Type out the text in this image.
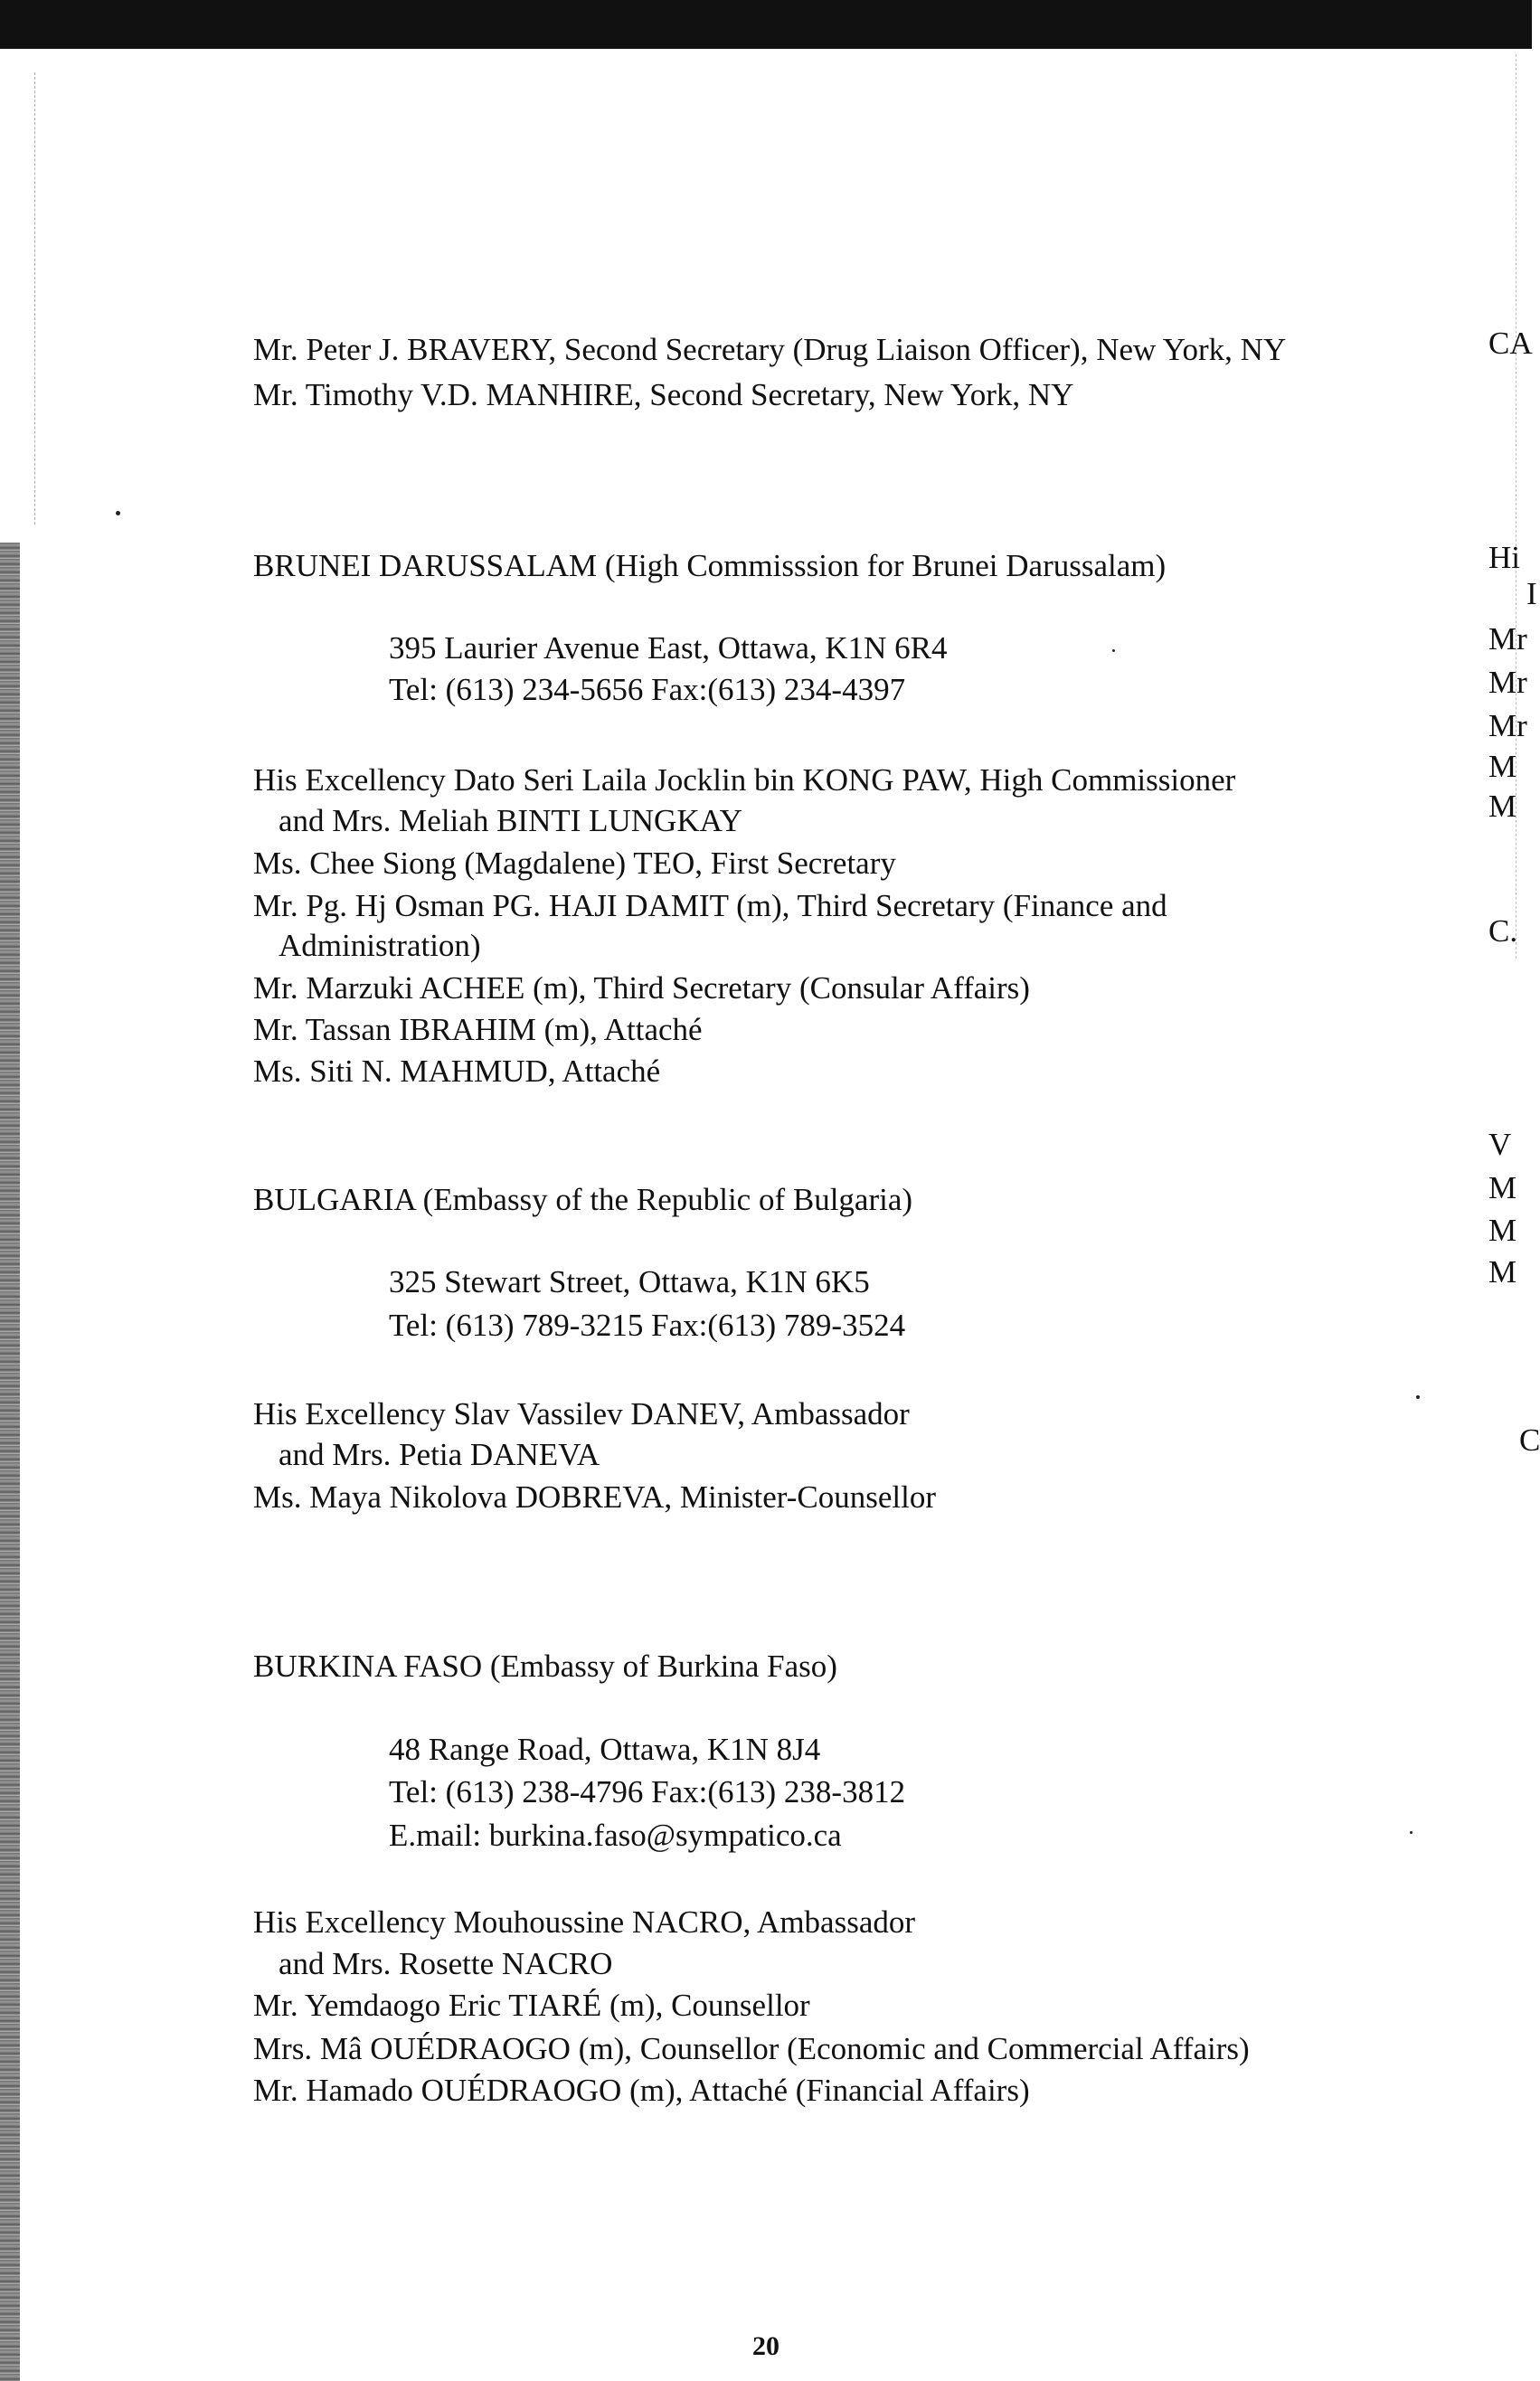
Mr. Peter J. BRAVERY, Second Secretary (Drug Liaison Officer), New York, NY
Mr. Timothy V.D. MANHIRE, Second Secretary, New York, NY
BRUNEI DARUSSALAM (High Commisssion for Brunei Darussalam)
395 Laurier Avenue East, Ottawa, K1N 6R4
Tel: (613) 234-5656 Fax:(613) 234-4397
His Excellency Dato Seri Laila Jocklin bin KONG PAW, High Commissioner
and Mrs. Meliah BINTI LUNGKAY
Ms. Chee Siong (Magdalene) TEO, First Secretary
Mr. Pg. Hj Osman PG. HAJI DAMIT (m), Third Secretary (Finance and
Administration)
Mr. Marzuki ACHEE (m), Third Secretary (Consular Affairs)
Mr. Tassan IBRAHIM (m), Attaché
Ms. Siti N. MAHMUD, Attaché
BULGARIA (Embassy of the Republic of Bulgaria)
325 Stewart Street, Ottawa, K1N 6K5
Tel: (613) 789-3215 Fax:(613) 789-3524
His Excellency Slav Vassilev DANEV, Ambassador
and Mrs. Petia DANEVA
Ms. Maya Nikolova DOBREVA, Minister-Counsellor
BURKINA FASO (Embassy of Burkina Faso)
48 Range Road, Ottawa, K1N 8J4
Tel: (613) 238-4796 Fax:(613) 238-3812
E.mail: burkina.faso@sympatico.ca
His Excellency Mouhoussine NACRO, Ambassador
and Mrs. Rosette NACRO
Mr. Yemdaogo Eric TIARÉ (m), Counsellor
Mrs. Mâ OUÉDRAOGO (m), Counsellor (Economic and Commercial Affairs)
Mr. Hamado OUÉDRAOGO (m), Attaché (Financial Affairs)
20
CA
Hi
I
Mr
Mr
Mr
M
M
C.
V
M
M
M
C
